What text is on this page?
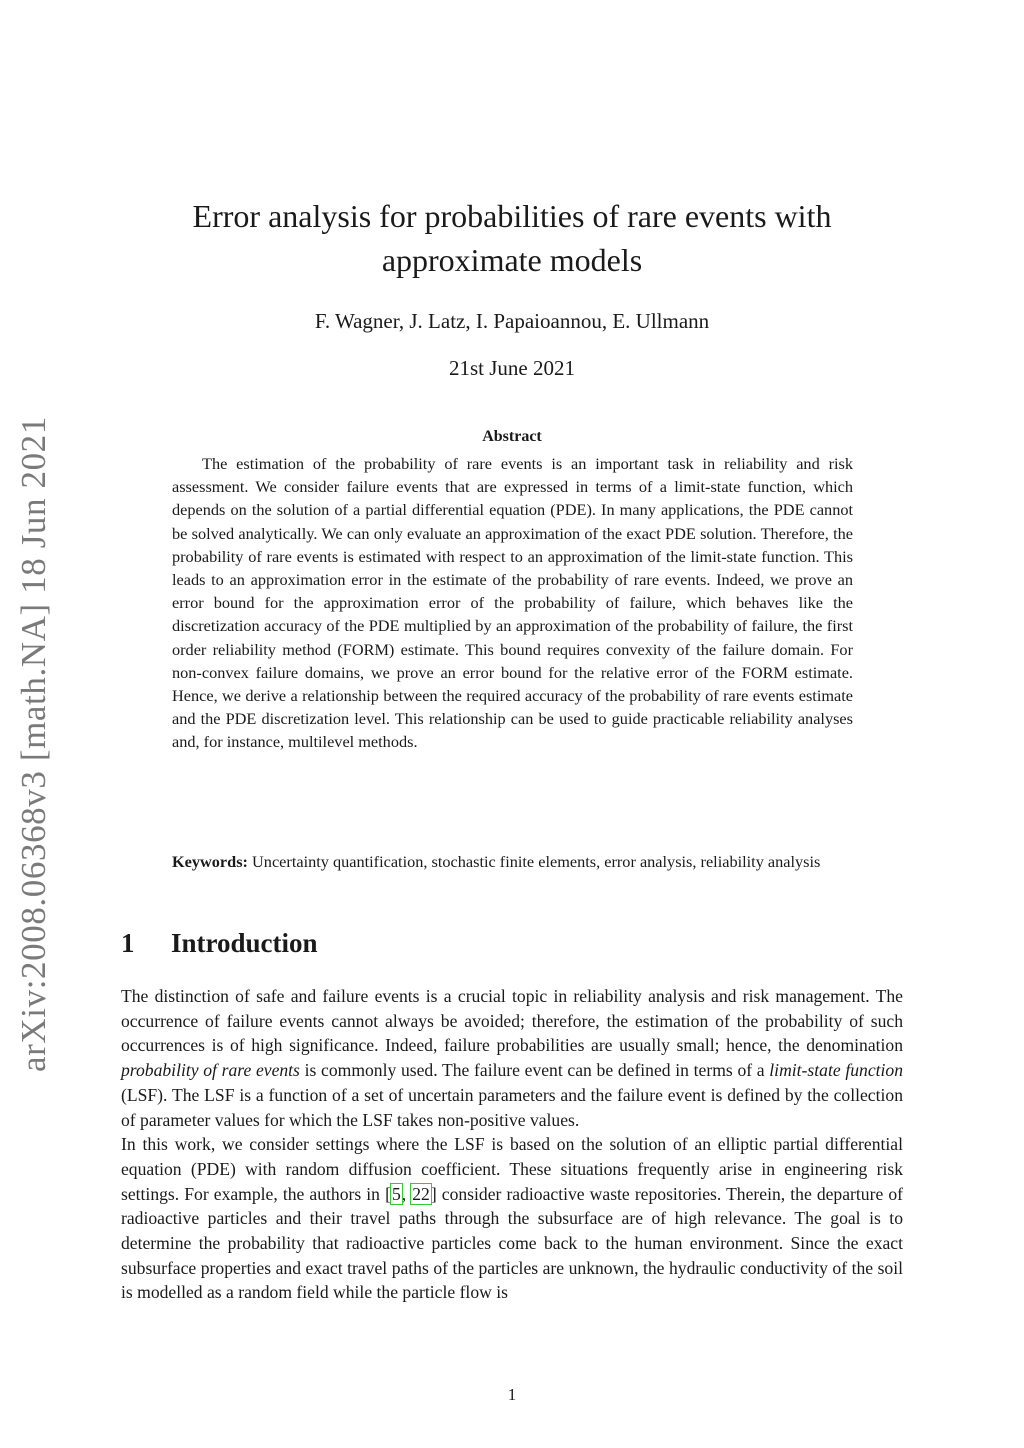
arXiv:2008.06368v3 [math.NA] 18 Jun 2021
Error analysis for probabilities of rare events with approximate models
F. Wagner, J. Latz, I. Papaioannou, E. Ullmann
21st June 2021
Abstract
The estimation of the probability of rare events is an important task in reliability and risk assessment. We consider failure events that are expressed in terms of a limit-state function, which depends on the solution of a partial differential equation (PDE). In many applications, the PDE cannot be solved analytically. We can only evaluate an approximation of the exact PDE solution. Therefore, the probability of rare events is estimated with respect to an approximation of the limit-state function. This leads to an approximation error in the estimate of the probability of rare events. Indeed, we prove an error bound for the approximation error of the probability of failure, which behaves like the discretization accuracy of the PDE multiplied by an approximation of the probability of failure, the first order reliability method (FORM) estimate. This bound requires convexity of the failure domain. For non-convex failure domains, we prove an error bound for the relative error of the FORM estimate. Hence, we derive a relationship between the required accuracy of the probability of rare events estimate and the PDE discretization level. This relationship can be used to guide practicable reliability analyses and, for instance, multilevel methods.
Keywords: Uncertainty quantification, stochastic finite elements, error analysis, reliability analysis
1 Introduction

The distinction of safe and failure events is a crucial topic in reliability analysis and risk management. The occurrence of failure events cannot always be avoided; therefore, the estimation of the probability of such occurrences is of high significance. Indeed, failure probabilities are usually small; hence, the denomination probability of rare events is commonly used. The failure event can be defined in terms of a limit-state function (LSF). The LSF is a function of a set of uncertain parameters and the failure event is defined by the collection of parameter values for which the LSF takes non-positive values.

In this work, we consider settings where the LSF is based on the solution of an elliptic partial differential equation (PDE) with random diffusion coefficient. These situations frequently arise in engineering risk settings. For example, the authors in [5, 22] consider radioactive waste repositories. Therein, the departure of radioactive particles and their travel paths through the subsurface are of high relevance. The goal is to determine the probability that radioactive particles come back to the human environment. Since the exact subsurface properties and exact travel paths of the particles are unknown, the hydraulic conductivity of the soil is modelled as a random field while the particle flow is

1
